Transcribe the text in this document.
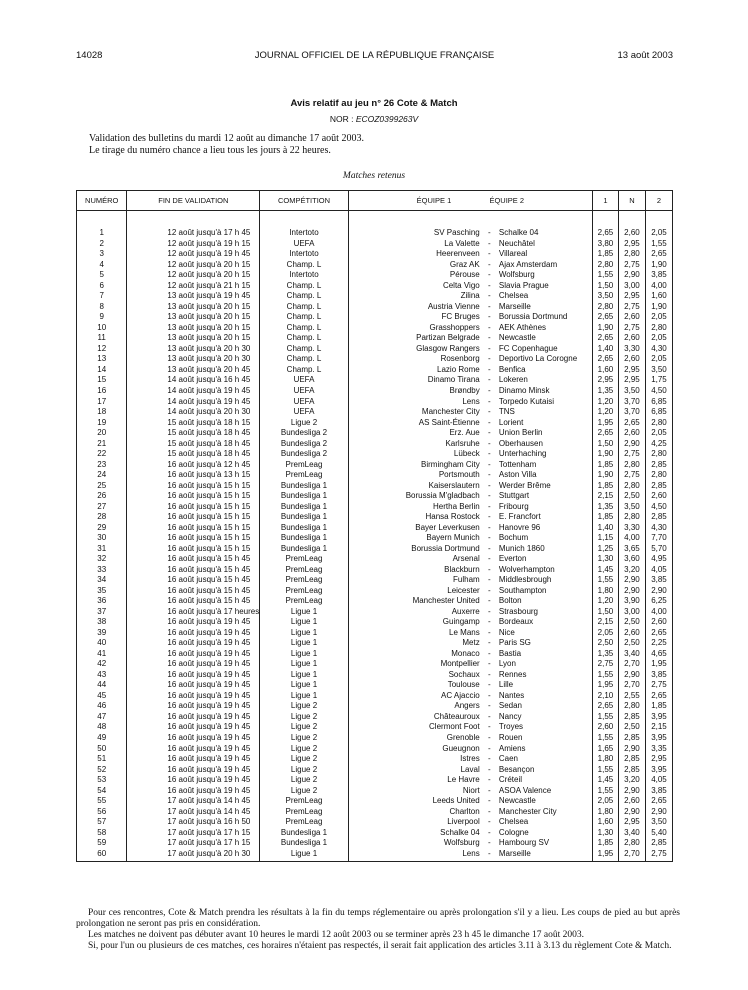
14028	JOURNAL OFFICIEL DE LA RÉPUBLIQUE FRANÇAISE	13 août 2003
Avis relatif au jeu n° 26 Cote & Match
NOR : ECOZ0399263V
Validation des bulletins du mardi 12 août au dimanche 17 août 2003.
Le tirage du numéro chance a lieu tous les jours à 22 heures.
Matches retenus
NUMÉRO	FIN DE VALIDATION	COMPÉTITION	ÉQUIPE 1 ÉQUIPE 2			1	N	2
1	12 août jusqu'à 17 h 45	Intertoto	SV Pasching	-	Schalke 04	2,65	2,60	2,05
2	12 août jusqu'à 19 h 15	UEFA	La Valette	-	Neuchâtel	3,80	2,95	1,55
3	12 août jusqu'à 19 h 45	Intertoto	Heerenveen	-	Villareal	1,85	2,80	2,65
4	12 août jusqu'à 20 h 15	Champ. L	Graz AK	-	Ajax Amsterdam	2,80	2,75	1,90
5	12 août jusqu'à 20 h 15	Intertoto	Pérouse	-	Wolfsburg	1,55	2,90	3,85
6	12 août jusqu'à 21 h 15	Champ. L	Celta Vigo	-	Slavia Prague	1,50	3,00	4,00
7	13 août jusqu'à 19 h 45	Champ. L	Zilina	-	Chelsea	3,50	2,95	1,60
8	13 août jusqu'à 20 h 15	Champ. L	Austria Vienne	-	Marseille	2,80	2,75	1,90
9	13 août jusqu'à 20 h 15	Champ. L	FC Bruges	-	Borussia Dortmund	2,65	2,60	2,05
10	13 août jusqu'à 20 h 15	Champ. L	Grasshoppers	-	AEK Athènes	1,90	2,75	2,80
11	13 août jusqu'à 20 h 15	Champ. L	Partizan Belgrade	-	Newcastle	2,65	2,60	2,05
12	13 août jusqu'à 20 h 30	Champ. L	Glasgow Rangers	-	FC Copenhague	1,40	3,30	4,30
13	13 août jusqu'à 20 h 30	Champ. L	Rosenborg	-	Deportivo La Corogne	2,65	2,60	2,05
14	13 août jusqu'à 20 h 45	Champ. L	Lazio Rome	-	Benfica	1,60	2,95	3,50
15	14 août jusqu'à 16 h 45	UEFA	Dinamo Tirana	-	Lokeren	2,95	2,95	1,75
16	14 août jusqu'à 19 h 45	UEFA	Brøndby	-	Dinamo Minsk	1,35	3,50	4,50
17	14 août jusqu'à 19 h 45	UEFA	Lens	-	Torpedo Kutaisi	1,20	3,70	6,85
18	14 août jusqu'à 20 h 30	UEFA	Manchester City	-	TNS	1,20	3,70	6,85
19	15 août jusqu'à 18 h 15	Ligue 2	AS Saint-Étienne	-	Lorient	1,95	2,65	2,80
20	15 août jusqu'à 18 h 45	Bundesliga 2	Erz. Aue	-	Union Berlin	2,65	2,60	2,05
21	15 août jusqu'à 18 h 45	Bundesliga 2	Karlsruhe	-	Oberhausen	1,50	2,90	4,25
22	15 août jusqu'à 18 h 45	Bundesliga 2	Lübeck	-	Unterhaching	1,90	2,75	2,80
23	16 août jusqu'à 12 h 45	PremLeag	Birmingham City	-	Tottenham	1,85	2,80	2,85
24	16 août jusqu'à 13 h 15	PremLeag	Portsmouth	-	Aston Villa	1,90	2,75	2,80
25	16 août jusqu'à 15 h 15	Bundesliga 1	Kaiserslautern	-	Werder Brême	1,85	2,80	2,85
26	16 août jusqu'à 15 h 15	Bundesliga 1	Borussia M'gladbach	-	Stuttgart	2,15	2,50	2,60
27	16 août jusqu'à 15 h 15	Bundesliga 1	Hertha Berlin	-	Fribourg	1,35	3,50	4,50
28	16 août jusqu'à 15 h 15	Bundesliga 1	Hansa Rostock	-	E. Francfort	1,85	2,80	2,85
29	16 août jusqu'à 15 h 15	Bundesliga 1	Bayer Leverkusen	-	Hanovre 96	1,40	3,30	4,30
30	16 août jusqu'à 15 h 15	Bundesliga 1	Bayern Munich	-	Bochum	1,15	4,00	7,70
31	16 août jusqu'à 15 h 15	Bundesliga 1	Borussia Dortmund	-	Munich 1860	1,25	3,65	5,70
32	16 août jusqu'à 15 h 45	PremLeag	Arsenal	-	Everton	1,30	3,60	4,95
33	16 août jusqu'à 15 h 45	PremLeag	Blackburn	-	Wolverhampton	1,45	3,20	4,05
34	16 août jusqu'à 15 h 45	PremLeag	Fulham	-	Middlesbrough	1,55	2,90	3,85
35	16 août jusqu'à 15 h 45	PremLeag	Leicester	-	Southampton	1,80	2,90	2,90
36	16 août jusqu'à 15 h 45	PremLeag	Manchester United	-	Bolton	1,20	3,90	6,25
37	16 août jusqu'à 17 heures	Ligue 1	Auxerre	-	Strasbourg	1,50	3,00	4,00
38	16 août jusqu'à 19 h 45	Ligue 1	Guingamp	-	Bordeaux	2,15	2,50	2,60
39	16 août jusqu'à 19 h 45	Ligue 1	Le Mans	-	Nice	2,05	2,60	2,65
40	16 août jusqu'à 19 h 45	Ligue 1	Metz	-	Paris SG	2,50	2,50	2,25
41	16 août jusqu'à 19 h 45	Ligue 1	Monaco	-	Bastia	1,35	3,40	4,65
42	16 août jusqu'à 19 h 45	Ligue 1	Montpellier	-	Lyon	2,75	2,70	1,95
43	16 août jusqu'à 19 h 45	Ligue 1	Sochaux	-	Rennes	1,55	2,90	3,85
44	16 août jusqu'à 19 h 45	Ligue 1	Toulouse	-	Lille	1,95	2,70	2,75
45	16 août jusqu'à 19 h 45	Ligue 1	AC Ajaccio	-	Nantes	2,10	2,55	2,65
46	16 août jusqu'à 19 h 45	Ligue 2	Angers	-	Sedan	2,65	2,80	1,85
47	16 août jusqu'à 19 h 45	Ligue 2	Châteauroux	-	Nancy	1,55	2,85	3,95
48	16 août jusqu'à 19 h 45	Ligue 2	Clermont Foot	-	Troyes	2,60	2,50	2,15
49	16 août jusqu'à 19 h 45	Ligue 2	Grenoble	-	Rouen	1,55	2,85	3,95
50	16 août jusqu'à 19 h 45	Ligue 2	Gueugnon	-	Amiens	1,65	2,90	3,35
51	16 août jusqu'à 19 h 45	Ligue 2	Istres	-	Caen	1,80	2,85	2,95
52	16 août jusqu'à 19 h 45	Ligue 2	Laval	-	Besançon	1,55	2,85	3,95
53	16 août jusqu'à 19 h 45	Ligue 2	Le Havre	-	Créteil	1,45	3,20	4,05
54	16 août jusqu'à 19 h 45	Ligue 2	Niort	-	ASOA Valence	1,55	2,90	3,85
55	17 août jusqu'à 14 h 45	PremLeag	Leeds United	-	Newcastle	2,05	2,60	2,65
56	17 août jusqu'à 14 h 45	PremLeag	Charlton	-	Manchester City	1,80	2,90	2,90
57	17 août jusqu'à 16 h 50	PremLeag	Liverpool	-	Chelsea	1,60	2,95	3,50
58	17 août jusqu'à 17 h 15	Bundesliga 1	Schalke 04	-	Cologne	1,30	3,40	5,40
59	17 août jusqu'à 17 h 15	Bundesliga 1	Wolfsburg	-	Hambourg SV	1,85	2,80	2,85
60	17 août jusqu'à 20 h 30	Ligue 1	Lens	-	Marseille	1,95	2,70	2,75

Pour ces rencontres, Cote & Match prendra les résultats à la fin du temps réglementaire ou après prolongation s'il y a lieu. Les coups de pied au but après prolongation ne seront pas pris en considération.

Les matches ne doivent pas débuter avant 10 heures le mardi 12 août 2003 ou se terminer après 23 h 45 le dimanche 17 août 2003.

Si, pour l'un ou plusieurs de ces matches, ces horaires n'étaient pas respectés, il serait fait application des articles 3.11 à 3.13 du règlement Cote & Match.
